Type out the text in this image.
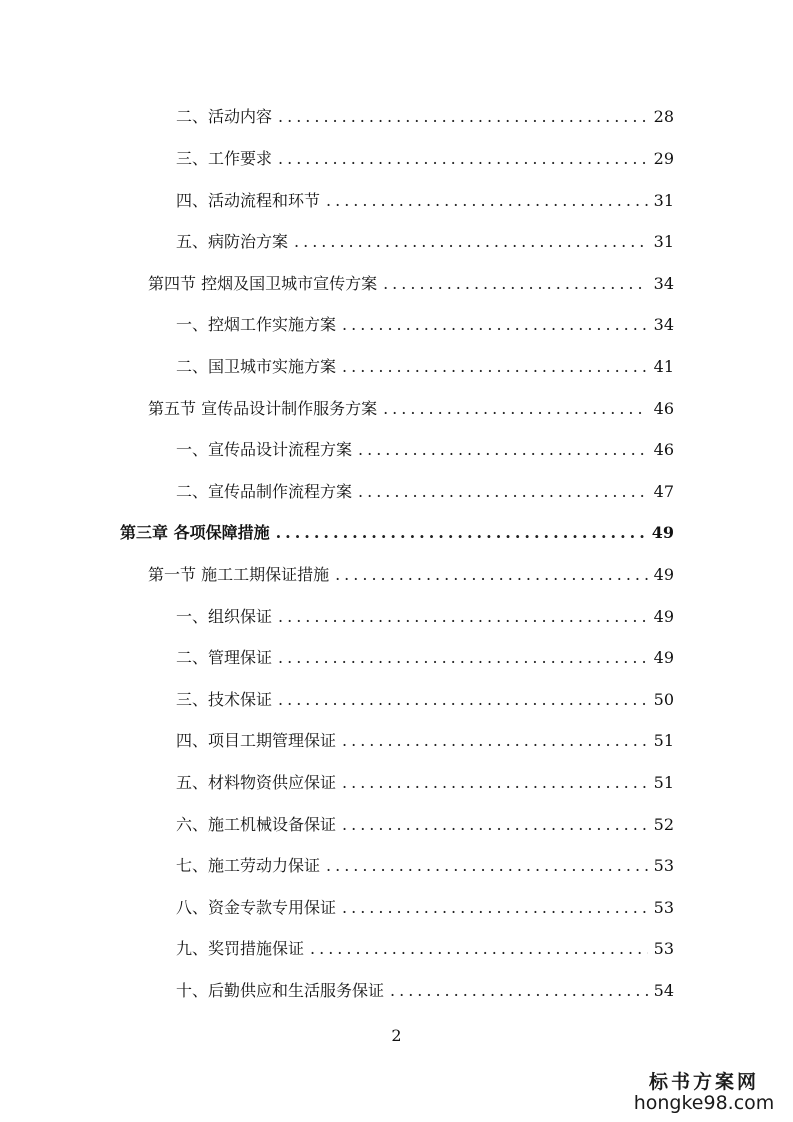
二、活动内容 .....	28
三、工作要求 .....	29
四、活动流程和环节 .....	31
五、病防治方案 .....	31
第四节 控烟及国卫城市宣传方案 .....	34
一、控烟工作实施方案 .....	34
二、国卫城市实施方案 .....	41
第五节 宣传品设计制作服务方案 .....	46
一、宣传品设计流程方案 .....	46
二、宣传品制作流程方案 .....	47
第三章 各项保障措施 .....	49
第一节 施工工期保证措施 .....	49
一、组织保证 .....	49
二、管理保证 .....	49
三、技术保证 .....	50
四、项目工期管理保证 .....	51
五、材料物资供应保证 .....	51
六、施工机械设备保证 .....	52
七、施工劳动力保证 .....	53
八、资金专款专用保证 .....	53
九、奖罚措施保证 .....	53
十、后勤供应和生活服务保证 .....	54
2
标书方案网
hongke98.com
